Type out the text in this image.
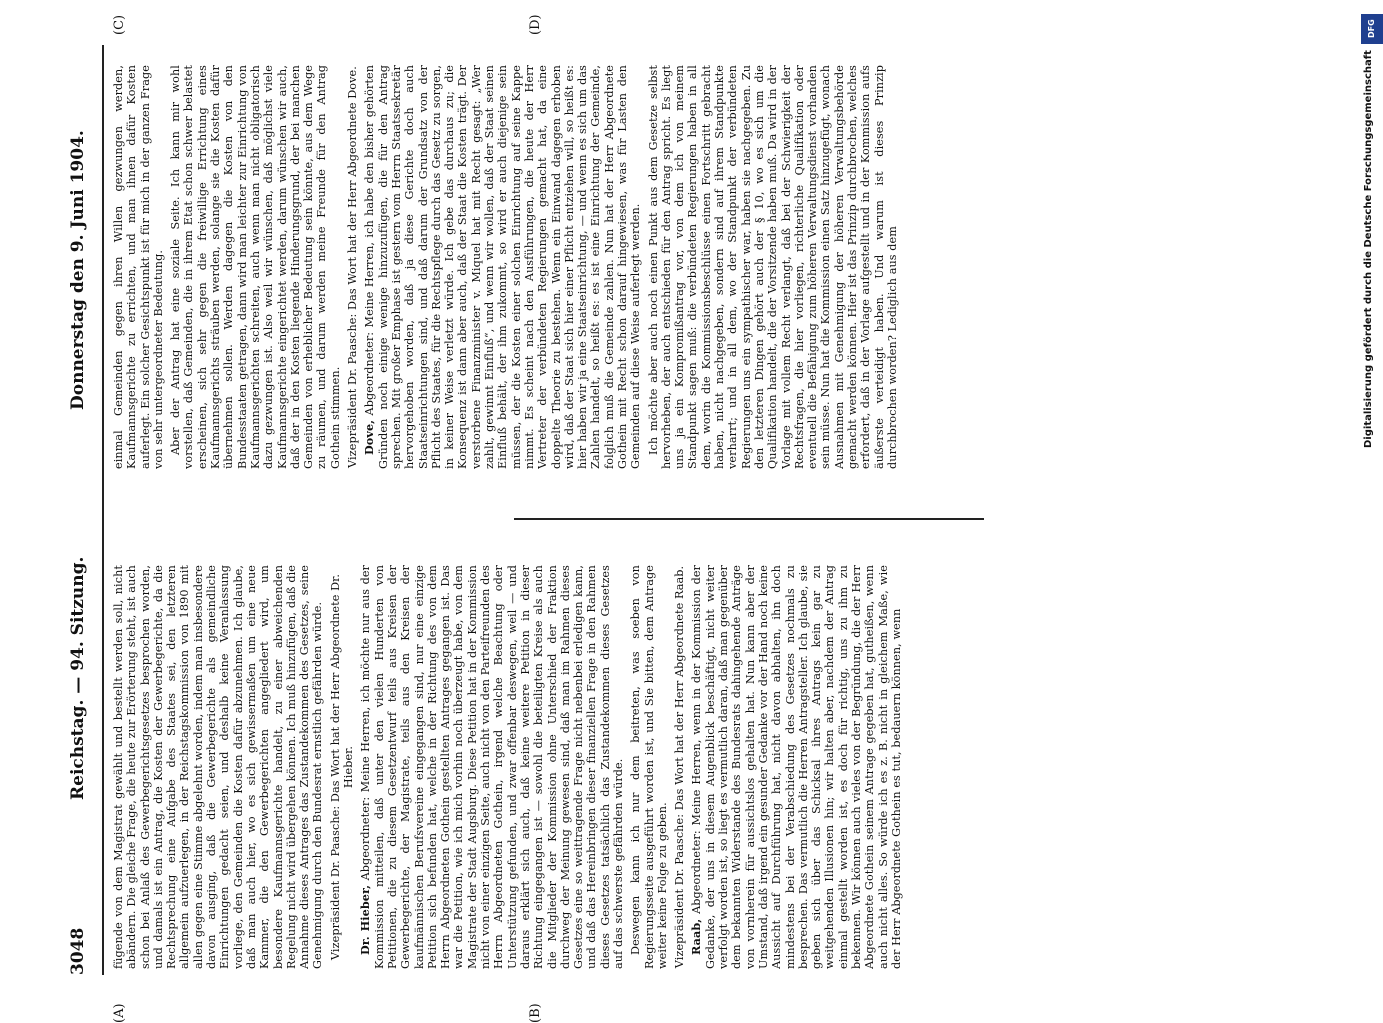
3048
Reichstag. — 94. Sitzung.
Donnerstag den 9. Juni 1904.

fügende von dem Magistrat gewählt und bestellt werden soll, nicht abändern. Die gleiche Frage, die heute zur Erörterung steht, ist auch schon bei Anlaß des Gewerbegerichtsgesetzes besprochen worden, und damals ist ein Antrag, die Kosten der Gewerbegerichte, da die Rechtsprechung eine Aufgabe des Staates sei, den letzteren allgemein aufzuerlegen, in der Reichstagskommission von 1890 mit allen gegen eine Stimme abgelehnt worden, indem man insbesondere davon ausging, daß die Gewerbegerichte als gemeindliche Einrichtungen gedacht seien, und deshalb keine Veranlassung vorliege, den Gemeinden die Kosten dafür abzunehmen. Ich glaube, daß man auch hier, wo es sich gewissermaßen um eine neue Kammer, die den Gewerbegerichten angegliedert wird, um besondere Kaufmannsgerichte handelt, zu einer abweichenden Regelung nicht wird übergehen können. Ich muß hinzufügen, daß die Annahme dieses Antrages das Zustandekommen des Gesetzes, seine Genehmigung durch den Bundesrat ernstlich gefährden würde. Vizepräsident Dr. Paasche: Das Wort hat der Herr Abgeordnete Dr. Hieber.

Dr. Hieber, Abgeordneter: Meine Herren, ich möchte nur aus der Kommission mitteilen, daß unter den vielen Hunderten von Petitionen, die zu diesem Gesetzentwurf teils aus Kreisen der Gewerbegerichte, der Magistrate, teils aus den Kreisen der kaufmännischen Berufsvereine eingegangen sind, nur eine einzige Petition sich befunden hat, welche in der Richtung des von dem Herrn Abgeordneten Gothein gestellten Antrages gegangen ist. Das war die Petition, wie ich mich vorhin noch überzeugt habe, von dem Magistrate der Stadt Augsburg. Diese Petition hat in der Kommission nicht von einer einzigen Seite, auch nicht von den Parteifreunden des Herrn Abgeordneten Gothein, irgend welche Beachtung oder Unterstützung gefunden, und zwar offenbar deswegen, weil — und daraus erklärt sich auch, daß keine weitere Petition in dieser Richtung eingegangen ist — sowohl die beteiligten Kreise als auch die Mitglieder der Kommission ohne Unterschied der Fraktion durchweg der Meinung gewesen sind, daß man im Rahmen dieses Gesetzes eine so weittragende Frage nicht nebenbei erledigen kann, und daß das Hereinbringen dieser finanziellen Frage in den Rahmen dieses Gesetzes tatsächlich das Zustandekommen dieses Gesetzes auf das schwerste gefährden würde. Deswegen kann ich nur dem beitreten, was soeben von Regierungsseite ausgeführt worden ist, und Sie bitten, dem Antrage weiter keine Folge zu geben. Vizepräsident Dr. Paasche: Das Wort hat der Herr Abgeordnete Raab. Raab, Abgeordneter: Meine Herren, wenn in der Kommission der Gedanke, der uns in diesem Augenblick beschäftigt, nicht weiter verfolgt worden ist, so liegt es vermutlich daran, daß man gegenüber dem bekannten Widerstande des Bundesrats dahingehende Anträge von vornherein für aussichtslos gehalten hat. Nun kann aber der Umstand, daß irgend ein gesunder Gedanke vor der Hand noch keine Aussicht auf Durchführung hat, nicht davon abhalten, ihn doch mindestens bei der Verabschiedung des Gesetzes nochmals zu besprechen. Das vermutlich die Herren Antragsteller. Ich glaube, sie geben sich über das Schicksal ihres Antrags kein gar zu weitgehenden Illusionen hin; wir halten aber, nachdem der Antrag einmal gestellt worden ist, es doch für richtig, uns zu ihm zu bekennen. Wir können auch vieles von der Begründung, die der Herr Abgeordnete Gothein seinem Antrage gegeben hat, gutheißen, wenn auch nicht alles. So würde ich es z. B. nicht in gleichem Maße, wie der Herr Abgeordnete Gothein es tut, bedauern können, wenn

einmal Gemeinden gegen ihren Willen gezwungen werden, Kaufmannsgerichte zu errichten, und man ihnen dafür Kosten auferlegt. Ein solcher Gesichtspunkt ist für mich in der ganzen Frage von sehr untergeordneter Bedeutung. Aber der Antrag hat eine soziale Seite. Ich kann mir wohl vorstellen, daß Gemeinden, die in ihrem Etat schon schwer belastet erscheinen, sich sehr gegen die freiwillige Errichtung eines Kaufmannsgerichts sträuben werden, solange sie die Kosten dafür übernehmen sollen. Werden dagegen die Kosten von den Bundesstaaten getragen, dann wird man leichter zur Einrichtung von Kaufmannsgerichten schreiten, auch wenn man nicht obligatorisch dazu gezwungen ist. Also weil wir wünschen, daß möglichst viele Kaufmannsgerichte eingerichtet werden, darum wünschen wir auch, daß der in den Kosten liegende Hinderungsgrund, der bei manchen Gemeinden von erheblicher Bedeutung sein könnte, aus dem Wege zu räumen, und darum werden meine Freunde für den Antrag Gothein stimmen. Vizepräsident Dr. Paasche: Das Wort hat der Herr Abgeordnete Dove. Dove, Abgeordneter: Meine Herren, ich habe den bisher gehörten Gründen noch einige wenige hinzuzufügen, die für den Antrag sprechen. Mit großer Emphase ist gestern vom Herrn Staatssekretär hervorgehoben worden, daß ja diese Gerichte doch auch Staatseinrichtungen sind, und daß darum der Grundsatz von der Pflicht des Staates, für die Rechtspflege durch das Gesetz zu sorgen, in keiner Weise verletzt würde. Ich gebe das durchaus zu; die Konsequenz ist dann aber auch, daß der Staat die Kosten trägt. Der verstorbene Finanzminister v. Miquel hat mit Recht gesagt: „Wer zahlt, gewinnt Einfluß“, und wenn wir wollen, daß der Staat seinen Einfluß behält, der ihm zukommt, so wird er auch diejenige sein müssen, der die Kosten einer solchen Einrichtung auf seine Kappe nimmt. Es scheint nach den Ausführungen, die heute der Herr Vertreter der verbündeten Regierungen gemacht hat, da eine doppelte Theorie zu bestehen. Wenn ein Einwand dagegen erhoben wird, daß der Staat sich hier einer Pflicht entziehen will, so heißt es: hier haben wir ja eine Staatseinrichtung, — und wenn es sich um das Zahlen handelt, so heißt es: es ist eine Einrichtung der Gemeinde, folglich muß die Gemeinde zahlen. Nun hat der Herr Abgeordnete Gothein mit Recht schon darauf hingewiesen, was für Lasten den Gemeinden auf diese Weise auferlegt werden. Ich möchte aber auch noch einen Punkt aus dem Gesetze selbst hervorheben, der auch entschieden für den Antrag spricht. Es liegt uns ja ein Kompromißantrag vor, von dem ich von meinem Standpunkt sagen muß: die verbündeten Regierungen haben in all dem, worin die Kommissionsbeschlüsse einen Fortschritt gebracht haben, nicht nachgegeben, sondern sind auf ihrem Standpunkte verharrt; und in all dem, wo der Standpunkt der verbündeten Regierungen uns ein sympathischer war, haben sie nachgegeben. Zu den letzteren Dingen gehört auch der § 10, wo es sich um die Qualifikation handelt, die der Vorsitzende haben muß. Da wird in der Vorlage mit vollem Recht verlangt, daß bei der Schwierigkeit der Rechtsfragen, die hier vorliegen, richterliche Qualifikation oder eventuell die Befähigung zum höheren Verwaltungsdienst vorhanden sein müsse. Nun hat die Kommission einen Satz hinzugefügt, wonach Ausnahmen mit Genehmigung der höheren Verwaltungsbehörde gemacht werden können. Hier ist das Prinzip durchbrochen, welches erfordert, daß in der Vorlage aufgestellt und in der Kommission aufs äußerste verteidigt haben. Und warum ist dieses Prinzip durchbrochen worden? Lediglich aus dem

(A)	(B)
(C)	(D)	DFG
Digitalisierung gefördert durch die Deutsche Forschungsgemeinschaft
